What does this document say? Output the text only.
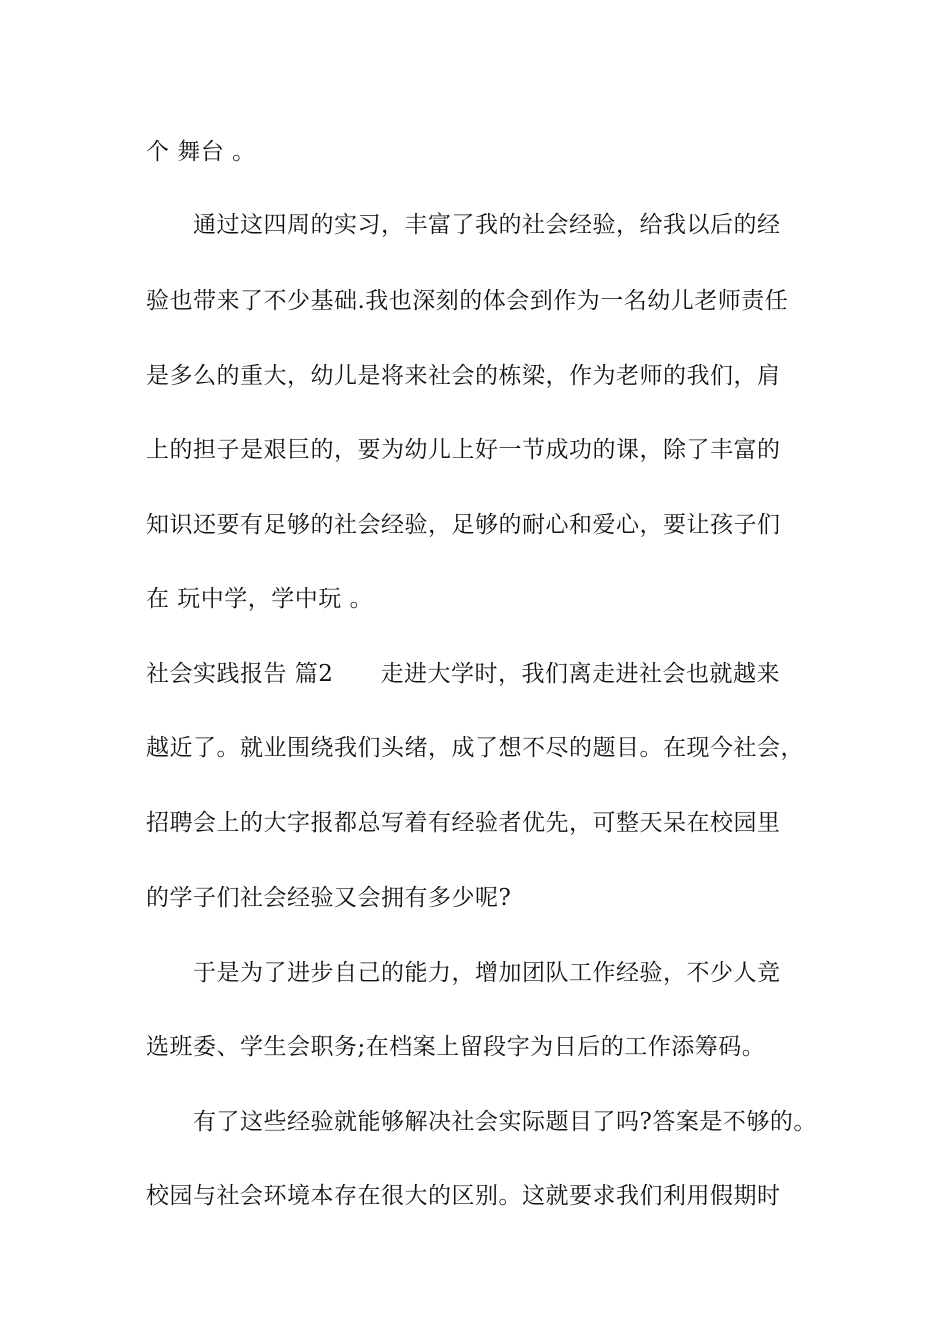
个 舞台 。
通过这四周的实习，丰富了我的社会经验，给我以后的经
验也带来了不少基础.我也深刻的体会到作为一名幼儿老师责任
是多么的重大，幼儿是将来社会的栋梁，作为老师的我们，肩
上的担子是艰巨的，要为幼儿上好一节成功的课，除了丰富的
知识还要有足够的社会经验，足够的耐心和爱心，要让孩子们
在 玩中学，学中玩 。
社会实践报告 篇2　　走进大学时，我们离走进社会也就越来
越近了。就业围绕我们头绪，成了想不尽的题目。在现今社会，
招聘会上的大字报都总写着有经验者优先，可整天呆在校园里
的学子们社会经验又会拥有多少呢?
于是为了进步自己的能力，增加团队工作经验，不少人竞
选班委、学生会职务;在档案上留段字为日后的工作添筹码。
有了这些经验就能够解决社会实际题目了吗?答案是不够的。
校园与社会环境本存在很大的区别。这就要求我们利用假期时
